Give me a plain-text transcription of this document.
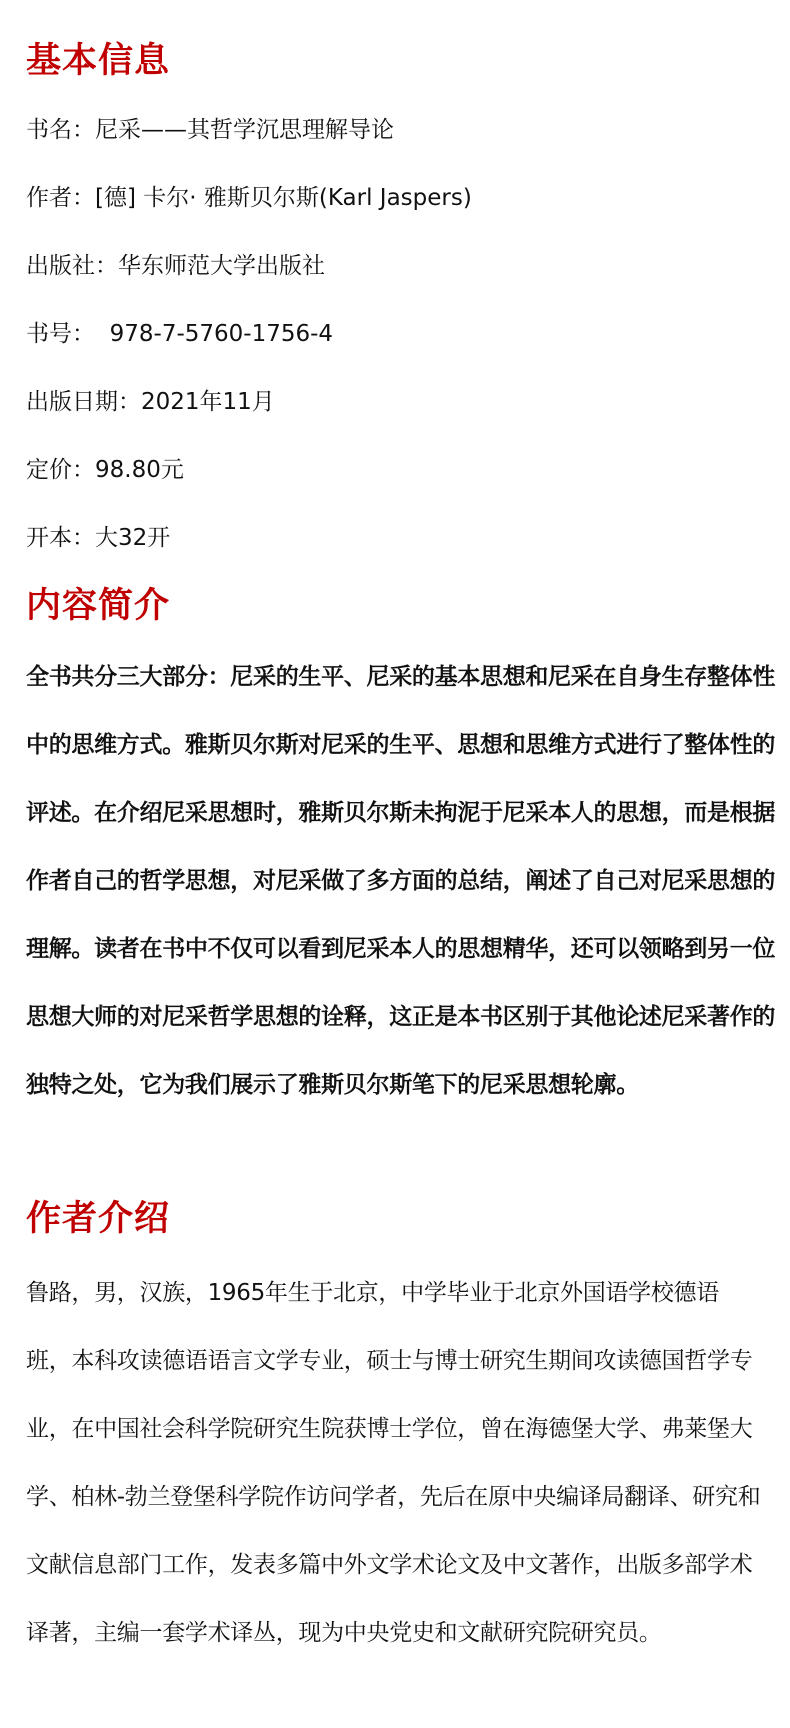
基本信息
书名：尼采——其哲学沉思理解导论
作者：[德] 卡尔· 雅斯贝尔斯(Karl Jaspers)
出版社：华东师范大学出版社
书号：  978-7-5760-1756-4
出版日期：2021年11月
定价：98.80元
开本：大32开
内容简介

全书共分三大部分：尼采的生平、尼采的基本思想和尼采在自身生存整体性中的思维方式。雅斯贝尔斯对尼采的生平、思想和思维方式进行了整体性的评述。在介绍尼采思想时，雅斯贝尔斯未拘泥于尼采本人的思想，而是根据作者自己的哲学思想，对尼采做了多方面的总结，阐述了自己对尼采思想的理解。读者在书中不仅可以看到尼采本人的思想精华，还可以领略到另一位思想大师的对尼采哲学思想的诠释，这正是本书区别于其他论述尼采著作的独特之处，它为我们展示了雅斯贝尔斯笔下的尼采思想轮廓。

作者介绍

鲁路，男，汉族，1965年生于北京，中学毕业于北京外国语学校德语班，本科攻读德语语言文学专业，硕士与博士研究生期间攻读德国哲学专业，在中国社会科学院研究生院获博士学位，曾在海德堡大学、弗莱堡大学、柏林-勃兰登堡科学院作访问学者，先后在原中央编译局翻译、研究和文献信息部门工作，发表多篇中外文学术论文及中文著作，出版多部学术译著，主编一套学术译丛，现为中央党史和文献研究院研究员。
